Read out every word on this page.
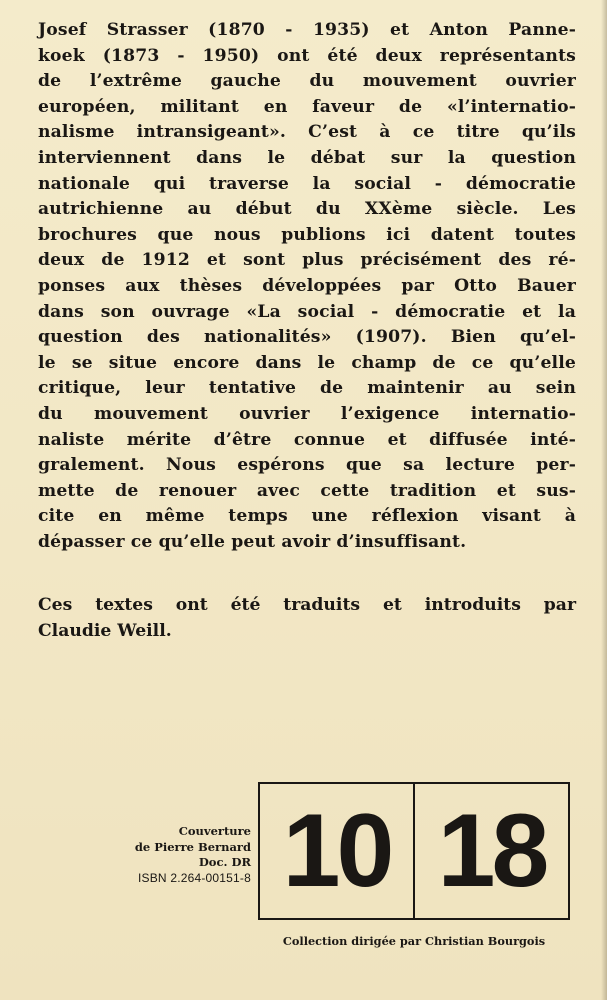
Josef Strasser (1870 - 1935) et Anton Panne-
koek (1873 - 1950) ont été deux représentants
de l’extrême gauche du mouvement ouvrier
européen, militant en faveur de «l’internatio-
nalisme intransigeant». C’est à ce titre qu’ils
interviennent dans le débat sur la question
nationale qui traverse la social - démocratie
autrichienne au début du XXème siècle. Les
brochures que nous publions ici datent toutes
deux de 1912 et sont plus précisément des ré-
ponses aux thèses développées par Otto Bauer
dans son ouvrage «La social - démocratie et la
question des nationalités» (1907). Bien qu’el-
le se situe encore dans le champ de ce qu’elle
critique, leur tentative de maintenir au sein
du mouvement ouvrier l’exigence internatio-
naliste mérite d’être connue et diffusée inté-
gralement. Nous espérons que sa lecture per-
mette de renouer avec cette tradition et sus-
cite en même temps une réflexion visant à
dépasser ce qu’elle peut avoir d’insuffisant.
Ces textes ont été traduits et introduits par
Claudie Weill.
Couverture
de Pierre Bernard
Doc. DR
ISBN 2.264-00151-8 10 18
Collection dirigée par Christian Bourgois
